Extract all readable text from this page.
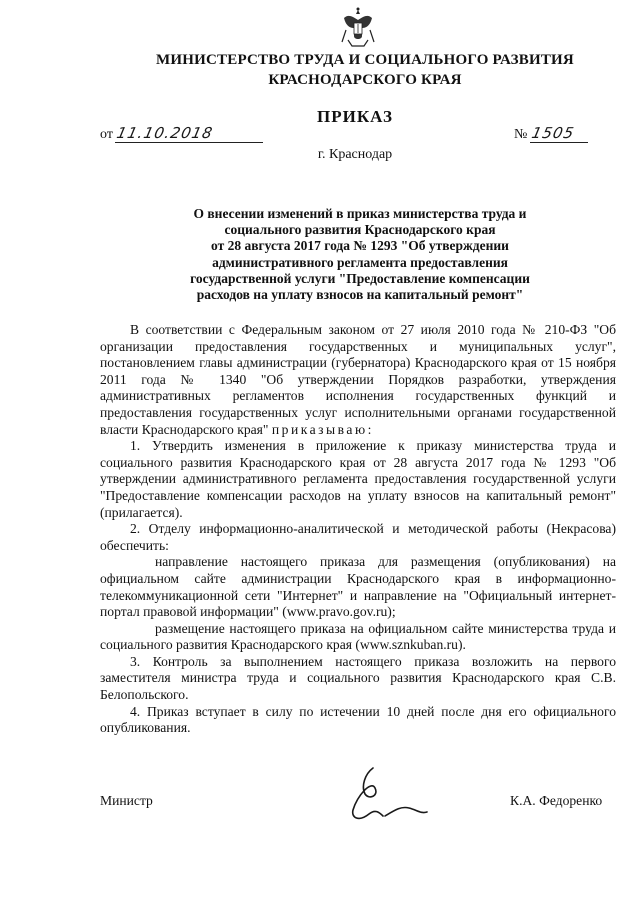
МИНИСТЕРСТВО ТРУДА И СОЦИАЛЬНОГО РАЗВИТИЯ
КРАСНОДАРСКОГО КРАЯ
ПРИКАЗ
от 11.10.2018	№ 1505
г. Краснодар
О внесении изменений в приказ министерства труда и
социального развития Краснодарского края
от 28 августа 2017 года № 1293 "Об утверждении
административного регламента предоставления
государственной услуги "Предоставление компенсации
расходов на уплату взносов на капитальный ремонт"

В соответствии с Федеральным законом от 27 июля 2010 года № 210-ФЗ "Об организации предоставления государственных и муниципальных услуг", постановлением главы администрации (губернатора) Краснодарского края от 15 ноября 2011 года № 1340 "Об утверждении Порядков разработки, утверждения административных регламентов исполнения государственных функций и предоставления государственных услуг исполнительными органами государственной власти Краснодарского края" приказываю:

1. Утвердить изменения в приложение к приказу министерства труда и социального развития Краснодарского края от 28 августа 2017 года № 1293 "Об утверждении административного регламента предоставления государственной услуги "Предоставление компенсации расходов на уплату взносов на капитальный ремонт" (прилагается).

2. Отделу информационно-аналитической и методической работы (Некрасова) обеспечить:

направление настоящего приказа для размещения (опубликования) на официальном сайте администрации Краснодарского края в информационно-телекоммуникационной сети "Интернет" и направление на "Официальный интернет-портал правовой информации" (www.pravo.gov.ru);

размещение настоящего приказа на официальном сайте министерства труда и социального развития Краснодарского края (www.sznkuban.ru).

3. Контроль за выполнением настоящего приказа возложить на первого заместителя министра труда и социального развития Краснодарского края С.В. Белопольского.

4. Приказ вступает в силу по истечении 10 дней после дня его официального опубликования.

Министр	К.А. Федоренко
